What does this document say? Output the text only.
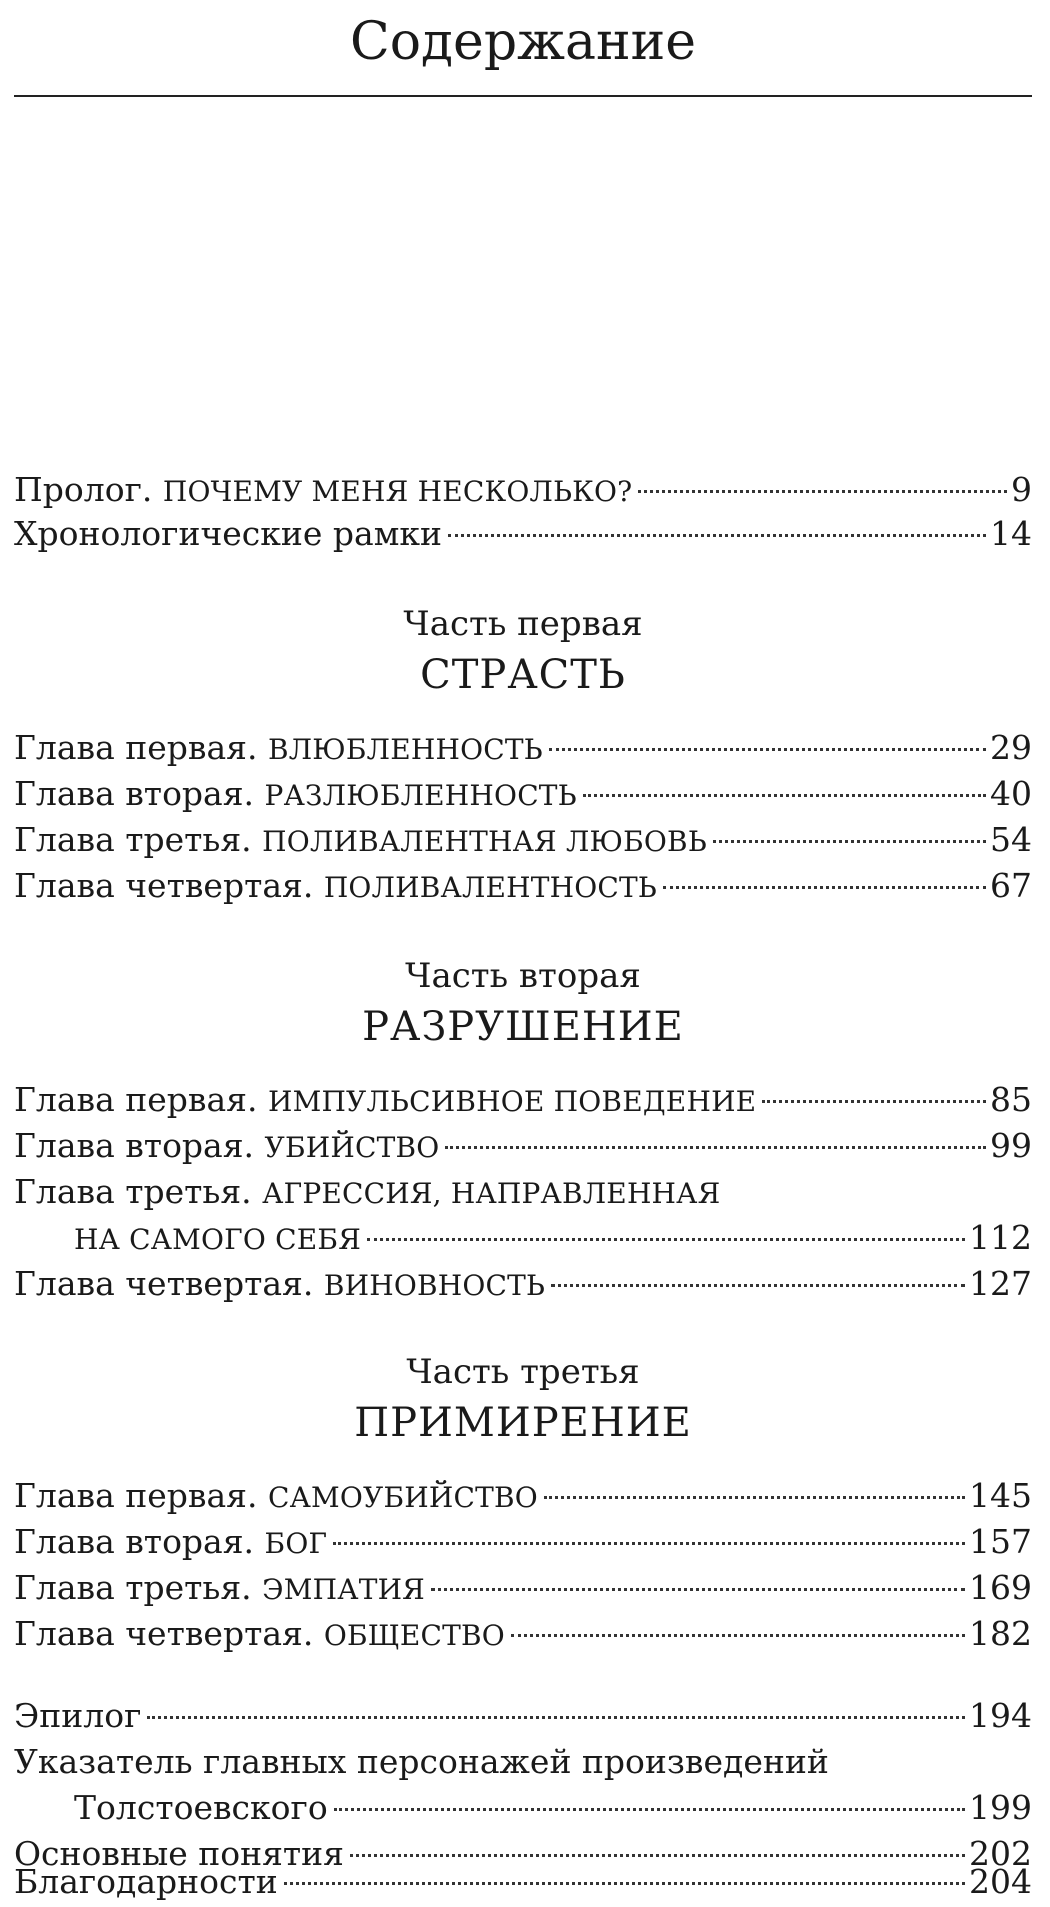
Содержание
Пролог. ПОЧЕМУ МЕНЯ НЕСКОЛЬКО?	9
Хронологические рамки	14
Часть первая
СТРАСТЬ
Глава первая. ВЛЮБЛЕННОСТЬ	29
Глава вторая. РАЗЛЮБЛЕННОСТЬ	40
Глава третья. ПОЛИВАЛЕНТНАЯ ЛЮБОВЬ	54
Глава четвертая. ПОЛИВАЛЕНТНОСТЬ	67
Часть вторая
РАЗРУШЕНИЕ
Глава первая. ИМПУЛЬСИВНОЕ ПОВЕДЕНИЕ	85
Глава вторая. УБИЙСТВО	99
Глава третья. АГРЕССИЯ, НАПРАВЛЕННАЯ
НА САМОГО СЕБЯ	112
Глава четвертая. ВИНОВНОСТЬ	127
Часть третья
ПРИМИРЕНИЕ
Глава первая. САМОУБИЙСТВО	145
Глава вторая. БОГ	157
Глава третья. ЭМПАТИЯ	169
Глава четвертая. ОБЩЕСТВО	182
Эпилог	194
Указатель главных персонажей произведений
Толстоевского	199
Основные понятия	202
Благодарности	204
